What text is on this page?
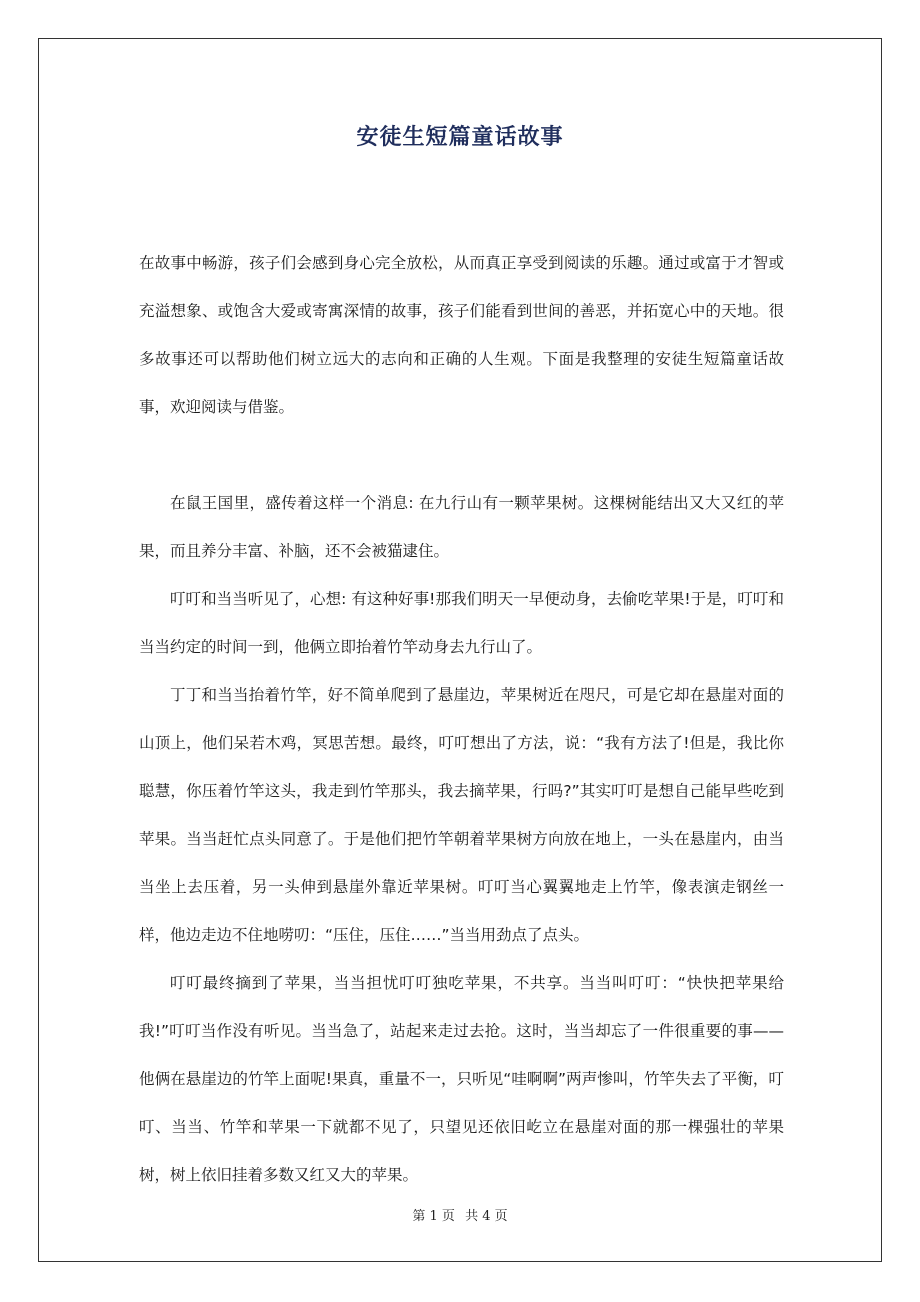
安徒生短篇童话故事

在故事中畅游，孩子们会感到身心完全放松，从而真正享受到阅读的乐趣。通过或富于才智或充溢想象、或饱含大爱或寄寓深情的故事，孩子们能看到世间的善恶，并拓宽心中的天地。很多故事还可以帮助他们树立远大的志向和正确的人生观。下面是我整理的安徒生短篇童话故事，欢迎阅读与借鉴。

在鼠王国里，盛传着这样一个消息: 在九行山有一颗苹果树。这棵树能结出又大又红的苹果，而且养分丰富、补脑，还不会被猫逮住。

叮叮和当当听见了，心想: 有这种好事!那我们明天一早便动身，去偷吃苹果!于是，叮叮和当当约定的时间一到，他俩立即抬着竹竿动身去九行山了。

丁丁和当当抬着竹竿，好不简单爬到了悬崖边，苹果树近在咫尺，可是它却在悬崖对面的山顶上，他们呆若木鸡，冥思苦想。最终，叮叮想出了方法，说：“我有方法了!但是，我比你聪慧，你压着竹竿这头，我走到竹竿那头，我去摘苹果，行吗?”其实叮叮是想自己能早些吃到苹果。当当赶忙点头同意了。于是他们把竹竿朝着苹果树方向放在地上，一头在悬崖内，由当当坐上去压着，另一头伸到悬崖外靠近苹果树。叮叮当心翼翼地走上竹竿，像表演走钢丝一样，他边走边不住地唠叨：“压住，压住……”当当用劲点了点头。

叮叮最终摘到了苹果，当当担忧叮叮独吃苹果，不共享。当当叫叮叮：“快快把苹果给我!”叮叮当作没有听见。当当急了，站起来走过去抢。这时，当当却忘了一件很重要的事——他俩在悬崖边的竹竿上面呢!果真，重量不一，只听见“哇啊啊”两声惨叫，竹竿失去了平衡，叮叮、当当、竹竿和苹果一下就都不见了，只望见还依旧屹立在悬崖对面的那一棵强壮的苹果树，树上依旧挂着多数又红又大的苹果。

第 1 页 共 4 页
